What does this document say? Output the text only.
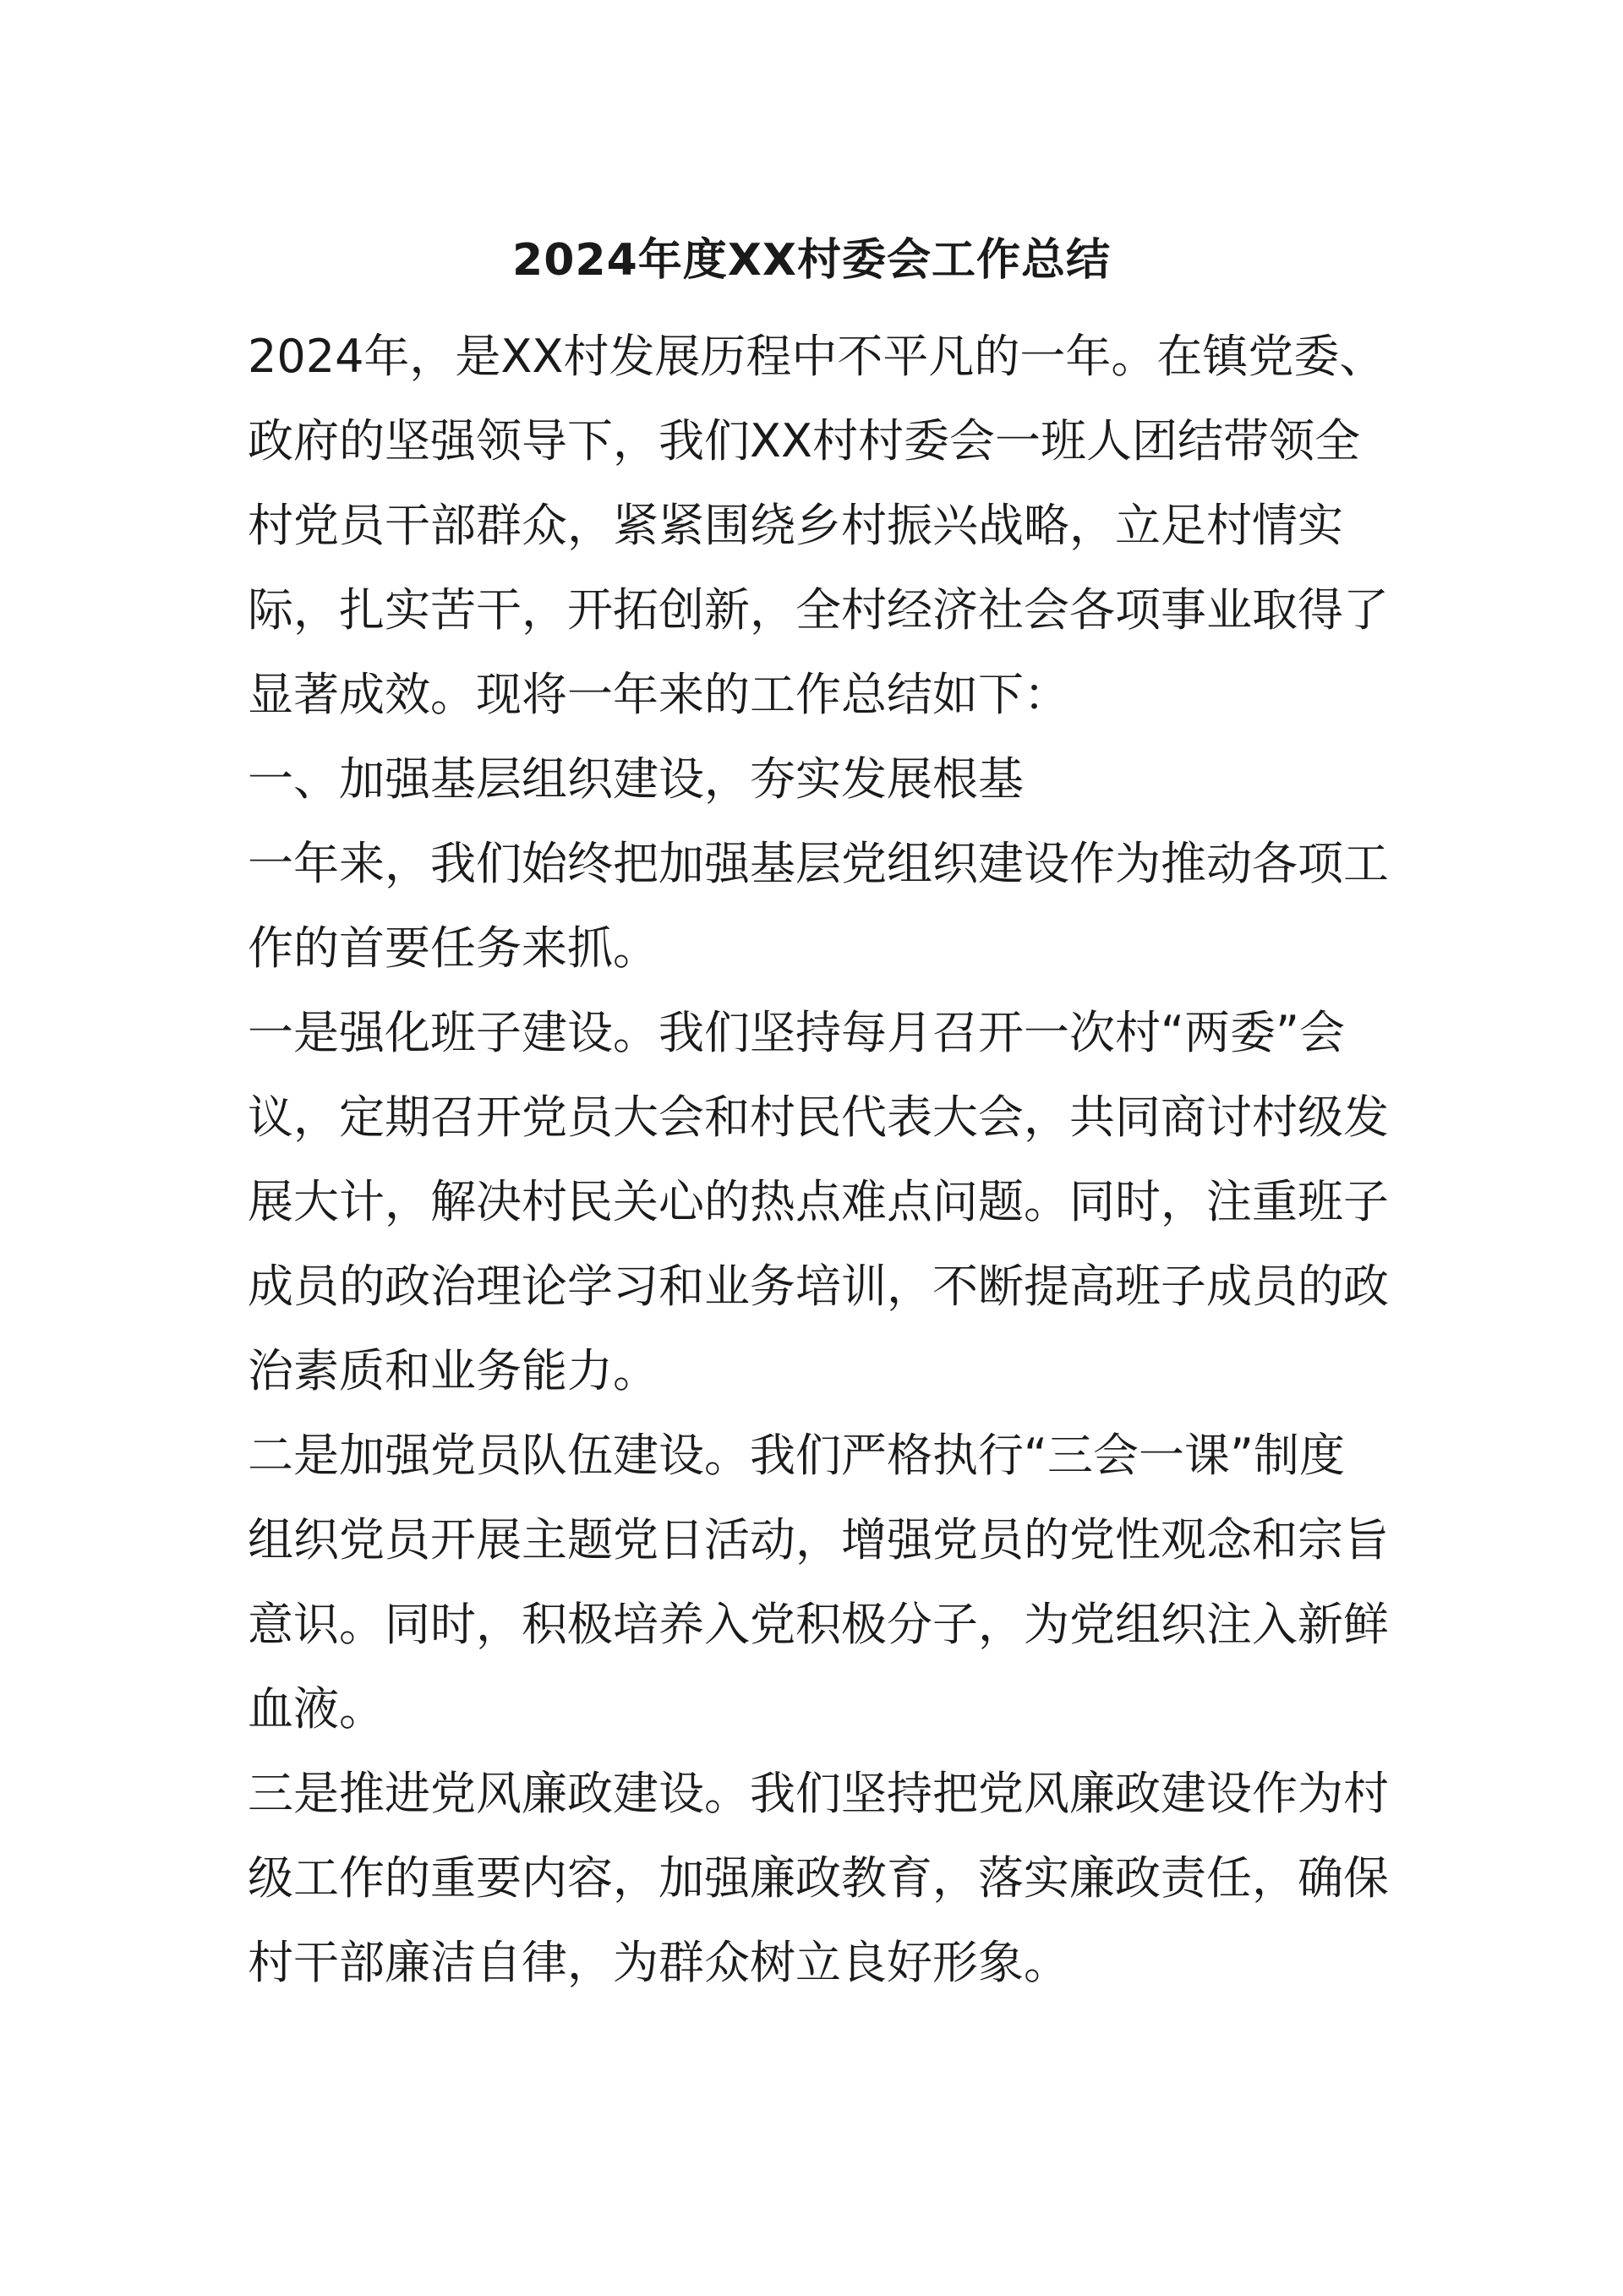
2024年度XX村委会工作总结

2024年，是XX村发展历程中不平凡的一年。在镇党委、政府的坚强领导下，我们XX村村委会一班人团结带领全村党员干部群众，紧紧围绕乡村振兴战略，立足村情实际，扎实苦干，开拓创新，全村经济社会各项事业取得了显著成效。现将一年来的工作总结如下：

一、加强基层组织建设，夯实发展根基

一年来，我们始终把加强基层党组织建设作为推动各项工作的首要任务来抓。

一是强化班子建设。我们坚持每月召开一次村“两委”会议，定期召开党员大会和村民代表大会，共同商讨村级发展大计，解决村民关心的热点难点问题。同时，注重班子成员的政治理论学习和业务培训，不断提高班子成员的政治素质和业务能力。

二是加强党员队伍建设。我们严格执行“三会一课”制度组织党员开展主题党日活动，增强党员的党性观念和宗旨意识。同时，积极培养入党积极分子，为党组织注入新鲜血液。

三是推进党风廉政建设。我们坚持把党风廉政建设作为村级工作的重要内容，加强廉政教育，落实廉政责任，确保村干部廉洁自律，为群众树立良好形象。
